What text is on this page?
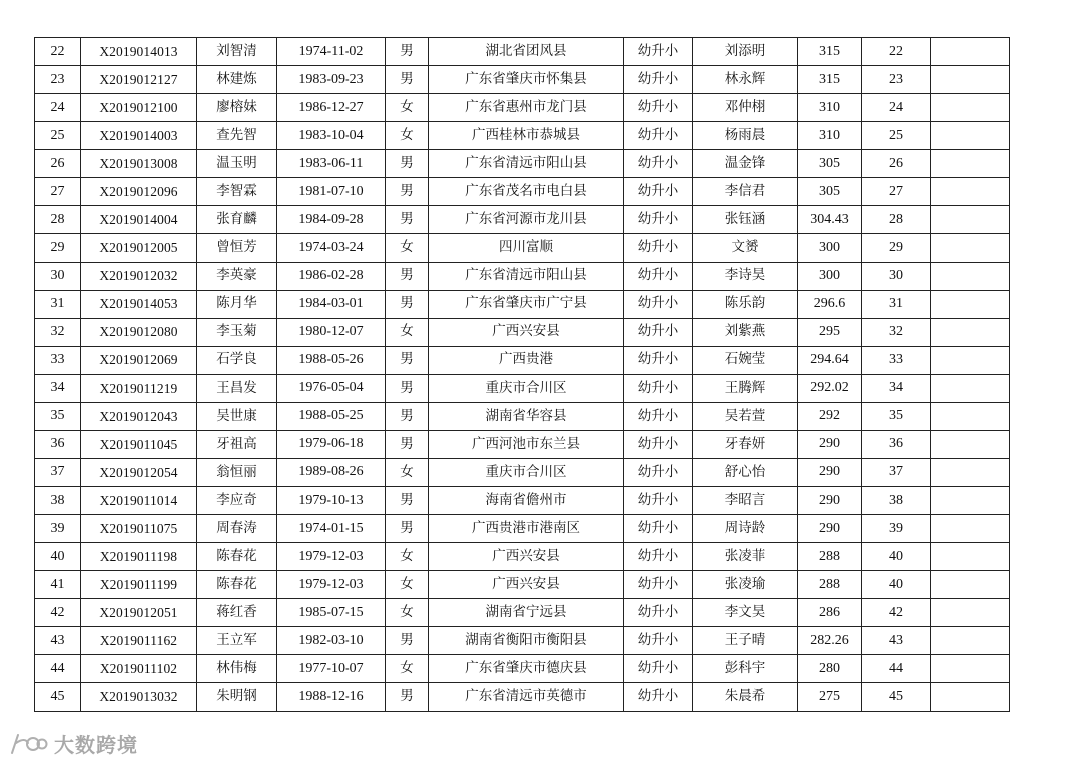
22	X2019014013	刘智清	1974-11-02	男	湖北省团风县	幼升小	刘添明	315	22	
23	X2019012127	林建炼	1983-09-23	男	广东省肇庆市怀集县	幼升小	林永辉	315	23	
24	X2019012100	廖榕妹	1986-12-27	女	广东省惠州市龙门县	幼升小	邓仲栩	310	24	
25	X2019014003	查先智	1983-10-04	女	广西桂林市恭城县	幼升小	杨雨晨	310	25	
26	X2019013008	温玉明	1983-06-11	男	广东省清远市阳山县	幼升小	温金锋	305	26	
27	X2019012096	李智霖	1981-07-10	男	广东省茂名市电白县	幼升小	李信君	305	27	
28	X2019014004	张育麟	1984-09-28	男	广东省河源市龙川县	幼升小	张钰涵	304.43	28	
29	X2019012005	曾恒芳	1974-03-24	女	四川富顺	幼升小	文赟	300	29	
30	X2019012032	李英豪	1986-02-28	男	广东省清远市阳山县	幼升小	李诗昊	300	30	
31	X2019014053	陈月华	1984-03-01	男	广东省肇庆市广宁县	幼升小	陈乐韵	296.6	31	
32	X2019012080	李玉菊	1980-12-07	女	广西兴安县	幼升小	刘紫燕	295	32	
33	X2019012069	石学良	1988-05-26	男	广西贵港	幼升小	石婉莹	294.64	33	
34	X2019011219	王昌发	1976-05-04	男	重庆市合川区	幼升小	王腾辉	292.02	34	
35	X2019012043	吴世康	1988-05-25	男	湖南省华容县	幼升小	吴若萱	292	35	
36	X2019011045	牙祖高	1979-06-18	男	广西河池市东兰县	幼升小	牙春妍	290	36	
37	X2019012054	翁恒丽	1989-08-26	女	重庆市合川区	幼升小	舒心怡	290	37	
38	X2019011014	李应奇	1979-10-13	男	海南省儋州市	幼升小	李昭言	290	38	
39	X2019011075	周春涛	1974-01-15	男	广西贵港市港南区	幼升小	周诗龄	290	39	
40	X2019011198	陈春花	1979-12-03	女	广西兴安县	幼升小	张凌菲	288	40	
41	X2019011199	陈春花	1979-12-03	女	广西兴安县	幼升小	张凌瑜	288	40	
42	X2019012051	蒋红香	1985-07-15	女	湖南省宁远县	幼升小	李文昊	286	42	
43	X2019011162	王立军	1982-03-10	男	湖南省衡阳市衡阳县	幼升小	王子晴	282.26	43	
44	X2019011102	林伟梅	1977-10-07	女	广东省肇庆市德庆县	幼升小	彭科宇	280	44	
45	X2019013032	朱明钢	1988-12-16	男	广东省清远市英德市	幼升小	朱晨希	275	45	
大数跨境
